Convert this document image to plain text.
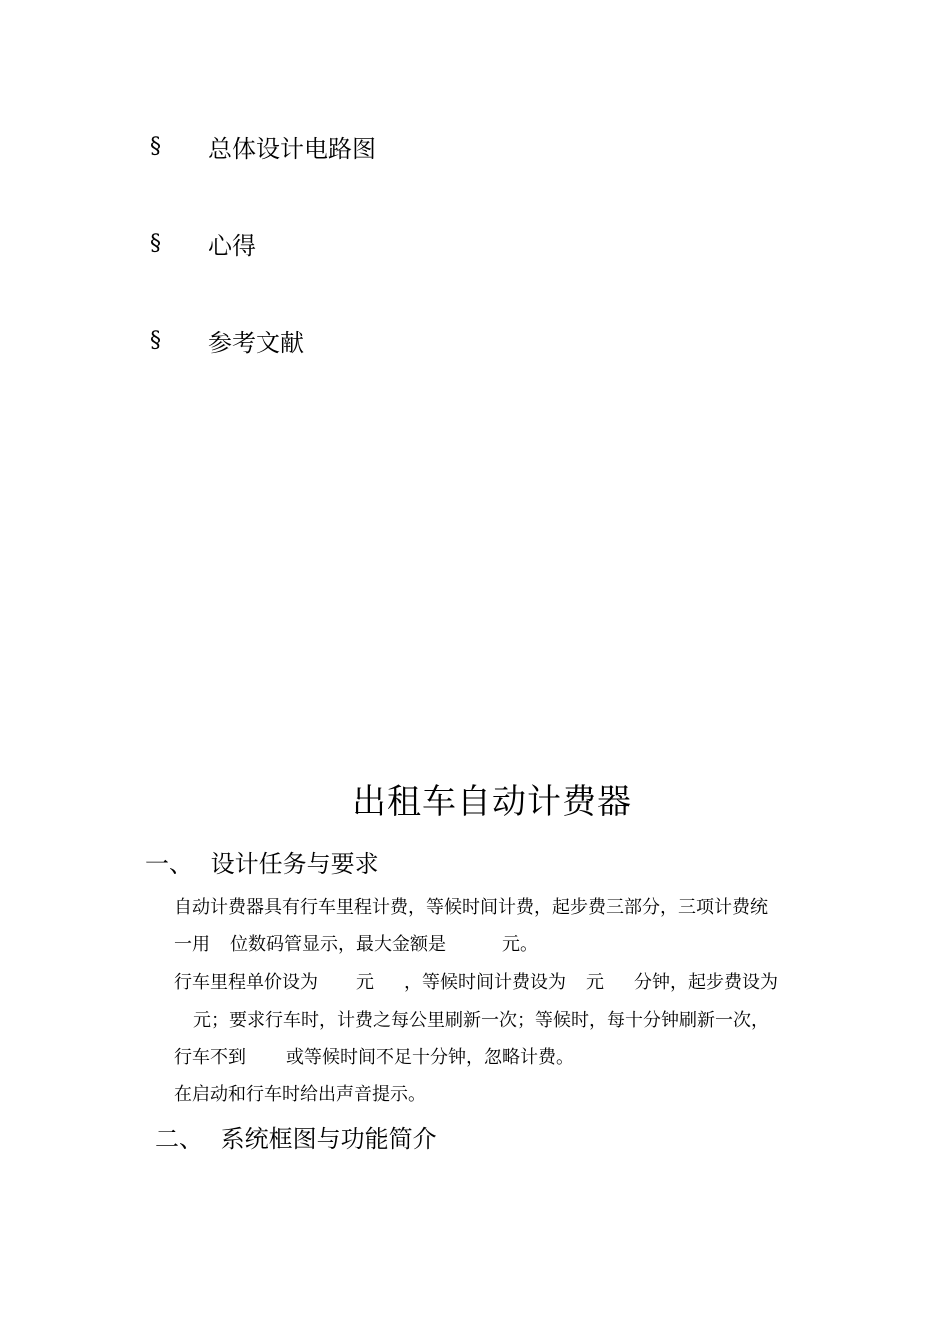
§	总体设计电路图
§	心得
§	参考文献
出租车自动计费器
一、 设计任务与要求
自动计费器具有行车里程计费，等候时间计费，起步费三部分，三项计费统
一用 位数码管显示，最大金额是	元。
行车里程单价设为 元 ，等候时间计费设为 元 分钟，起步费设为
元；要求行车时，计费之每公里刷新一次；等候时，每十分钟刷新一次，
行车不到 或等候时间不足十分钟，忽略计费。
在启动和行车时给出声音提示。
二、 系统框图与功能简介
